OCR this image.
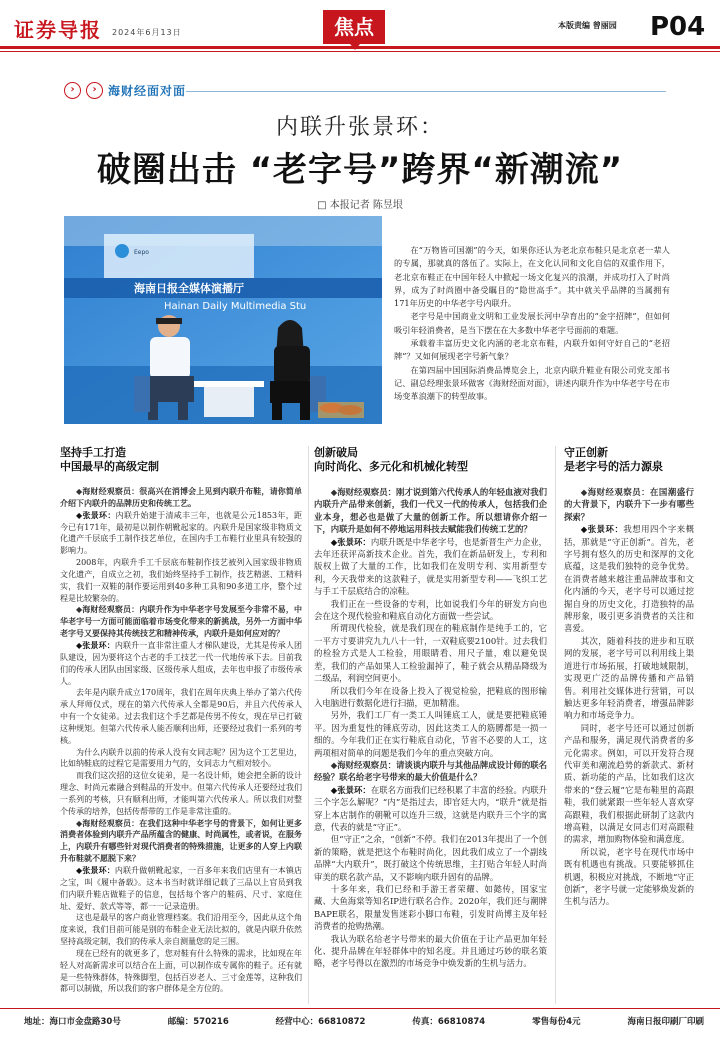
证券导报 2024年6月13日	焦点	本版责编 曾丽园 P04
›	› 海财经面对面
内联升张景环：
破圈出击 “老字号”跨界“新潮流”
□ 本报记者 陈昱垠
Eepo
海南日报全媒体演播厅
Hainan Daily Multimedia Stu

在“万物皆可国潮”的今天，如果你还认为老北京布鞋只是北京老一辈人的专属，那就真的落伍了。实际上，在文化认同和文化自信的双重作用下，老北京布鞋正在中国年轻人中掀起一场文化复兴的浪潮，并成功打入了时尚界，成为了时尚圈中备受瞩目的“隐世高手”。其中就关乎品牌的当属拥有171年历史的中华老字号内联升。

老字号是中国商业文明和工业发展长河中孕育出的“金字招牌”，但如何吸引年轻消费者，是当下摆在在大多数中华老字号面前的难题。

承载着丰富历史文化内涵的老北京布鞋，内联升如何守好自己的“老招牌”？又如何展现老字号新气象？

在第四届中国国际消费品博览会上，北京内联升鞋业有限公司党支部书记、副总经理张景环做客《海财经面对面》，讲述内联升作为中华老字号在市场变革浪潮下的转型故事。

坚持手工打造
中国最早的高级定制

◆海财经观察员：很高兴在消博会上见到内联升布鞋，请你简单介绍下内联升的品牌历史和传统工艺。

◆张景环：内联升始建于清咸丰三年，也就是公元1853年，距今已有171年，最初是以制作朝靴起家的。内联升是国家级非物质文化遗产千层底手工制作技艺单位，在国内手工布鞋行业里具有较强的影响力。

2008年，内联升手工千层底布鞋制作技艺被列入国家级非物质文化遗产，自成立之初，我们始终坚持手工制作，技艺精湛、工精料实，我们一双鞋的制作要运用到40多种工具和90多道工序，整个过程是比较繁杂的。

◆海财经观察员：内联升作为中华老字号发展至今非常不易，中华老字号一方面可能面临着市场变化带来的新挑战，另外一方面中华老字号又要保持其传统技艺和精神传承，内联升是如何应对的？

◆张景环：内联升一直非常注重人才梯队建设，尤其是传承人团队建设，因为要将这个古老的手工技艺一代一代地传承下去。目前我们的传承人团队由国家级、区级传承人组成，去年也申报了市级传承人。

去年是内联升成立170周年，我们在周年庆典上举办了第六代传承人拜师仪式，现在的第六代传承人全都是90后，并且六代传承人中有一个女徒弟。过去我们这个手艺都是传男不传女，现在早已打破这种规矩。但第六代传承人能否顺利出师，还要经过我们一系列的考核。

为什么内联升以前的传承人没有女同志呢？因为这个工艺里边，比如纳鞋底的过程它是需要用力气的，女同志力气相对较小。

而我们这次招的这位女徒弟，是一名设计师，她会把全新的设计理念、时尚元素融合到鞋品的开发中。但第六代传承人还要经过我们一系列的考核，只有顺利出师，才能叫第六代传承人。所以我们对整个传承的培养，包括传帮带的工作是非常注重的。

◆海财经观察员：在我们这种中华老字号的背景下，如何让更多消费者体验到内联升产品所蕴含的健康、时尚属性，或者说，在服务上，内联升有哪些针对现代消费者的特殊措施，让更多的人穿上内联升布鞋就不愿脱下来？

◆张景环：内联升做朝靴起家，一百多年来我们店里有一本镇店之宝，叫《履中备载》。这本书当时就详细记载了三品以上官员到我们内联升鞋店做鞋子的信息，包括每个客户的鞋码、尺寸、家庭住址、爱好、款式等等，都一一记录造册。

这也是最早的客户商业管理档案。我们沿用至今，因此从这个角度来说，我们目前可能是别的布鞋企业无法比拟的，就是内联升依然坚持高级定制，我们的传承人亲自测量您的足三围。

现在已经有的就更多了，您对鞋有什么特殊的需求，比如现在年轻人对高新需求可以结合在上面，可以制作成专属你的鞋子。还有就是一些特殊群体，特殊脚型，包括百岁老人、三寸金莲等，这种我们都可以制做，所以我们的客户群体是全方位的。

创新破局
向时尚化、多元化和机械化转型

◆海财经观察员：刚才说到第六代传承人的年轻血液对我们内联升产品带来创新，我们一代又一代的传承人，包括我们企业本身，想必也是做了大量的创新工作。所以想请你介绍一下，内联升是如何不停地运用科技去赋能我们传统工艺的？

◆张景环：内联升既是中华老字号，也是新晋生产力企业，去年还获评高新技术企业。首先，我们在新品研发上，专利和版权上做了大量的工作，比如我们在发明专利、实用新型专利，今天我带来的这款鞋子，就是实用新型专利——飞织工艺与手工千层底结合的凉鞋。

我们正在一些设备的专利，比如说我们今年的研发方向也会在这个现代检验和鞋底自动化方面做一些尝试。

所谓现代检验，就是我们现在的鞋底制作是纯手工的，它一平方寸要讲究九九八十一针，一双鞋底要2100针。过去我们的检验方式是人工检验，用眼睛看、用尺子量，难以避免误差，我们的产品如果人工检验漏掉了，鞋子就会从精品降级为二级品，利润空间更小。

所以我们今年在设备上投入了视觉检验，把鞋底的图形输入电脑进行数据化进行扫描，更加精准。

另外，我们工厂有一类工人叫锤底工人，就是要把鞋底锤平。因为重复性的锤底劳动，因此这类工人的筋膊都是一损一细的。今年我们正在实行鞋底自动化，节省不必要的人工，这两项相对简单的问题是我们今年的重点突破方向。

◆海财经观察员：请谈谈内联升与其他品牌成设计师的联名经验？联名给老字号带来的最大价值是什么？

◆张景环：在联名方面我们已经积累了丰富的经验。内联升三个字怎么解呢？“内”是指过去，即官廷大内，“联升”就是指穿上本店制作的朝靴可以连升三级，这就是内联升三个字的寓意，代表的就是“守正”。

但“守正”之余，“创新”不停。我们在2013年提出了一个创新的策略，就是把这个布鞋时尚化，因此我们成立了一个副线品牌“大内联升”，既打破这个传统思维，主打贴合年轻人时尚审美的联名款产品，又不影响内联升固有的品牌。

十多年来，我们已经和手游王者荣耀、如懿传，国家宝藏、大鱼海棠等知名IP进行联名合作。2020年，我们还与潮牌BAPE联名，限量发售迷彩小脚口布鞋，引发时尚博主及年轻消费者的抢购热潮。

我认为联名给老字号带来的最大价值在于让产品更加年轻化、提升品牌在年轻群体中的知名度。并且通过巧妙的联名策略，老字号得以在激烈的市场竞争中焕发新的生机与活力。

守正创新
是老字号的活力源泉

◆海财经观察员：在国潮盛行的大背景下，内联升下一步有哪些探索？

◆张景环：我想用四个字来概括，那就是“守正创新”。首先，老字号拥有悠久的历史和深厚的文化底蕴，这是我们独特的竞争优势。在消费者越来越注重品牌故事和文化内涵的今天，老字号可以通过挖掘自身的历史文化，打造独特的品牌形象，吸引更多消费者的关注和喜爱。

其次，随着科技的进步和互联网的发展，老字号可以利用线上渠道进行市场拓展，打破地域限制，实现更广泛的品牌传播和产品销售。利用社交媒体进行营销，可以触达更多年轻消费者，增强品牌影响力和市场竞争力。

同时，老字号还可以通过创新产品和服务，满足现代消费者的多元化需求。例如，可以开发符合现代审美和潮流趋势的新款式、新材质、新功能的产品，比如我们这次带来的“登云履”它是布鞋里的高跟鞋，我们就紧跟一些年轻人喜欢穿高跟鞋，我们根据此研制了这款内增高鞋，以满足女同志们对高跟鞋的需求，增加购物体验和满意度。

所以说，老字号在现代市场中既有机遇也有挑战。只要能够抓住机遇，积极应对挑战，不断地“守正创新”，老字号就一定能够焕发新的生机与活力。

地址：海口市金盘路30号	邮编：570216	经营中心：66810872	传真：66810874	零售每份4元	海南日报印刷厂印刷
